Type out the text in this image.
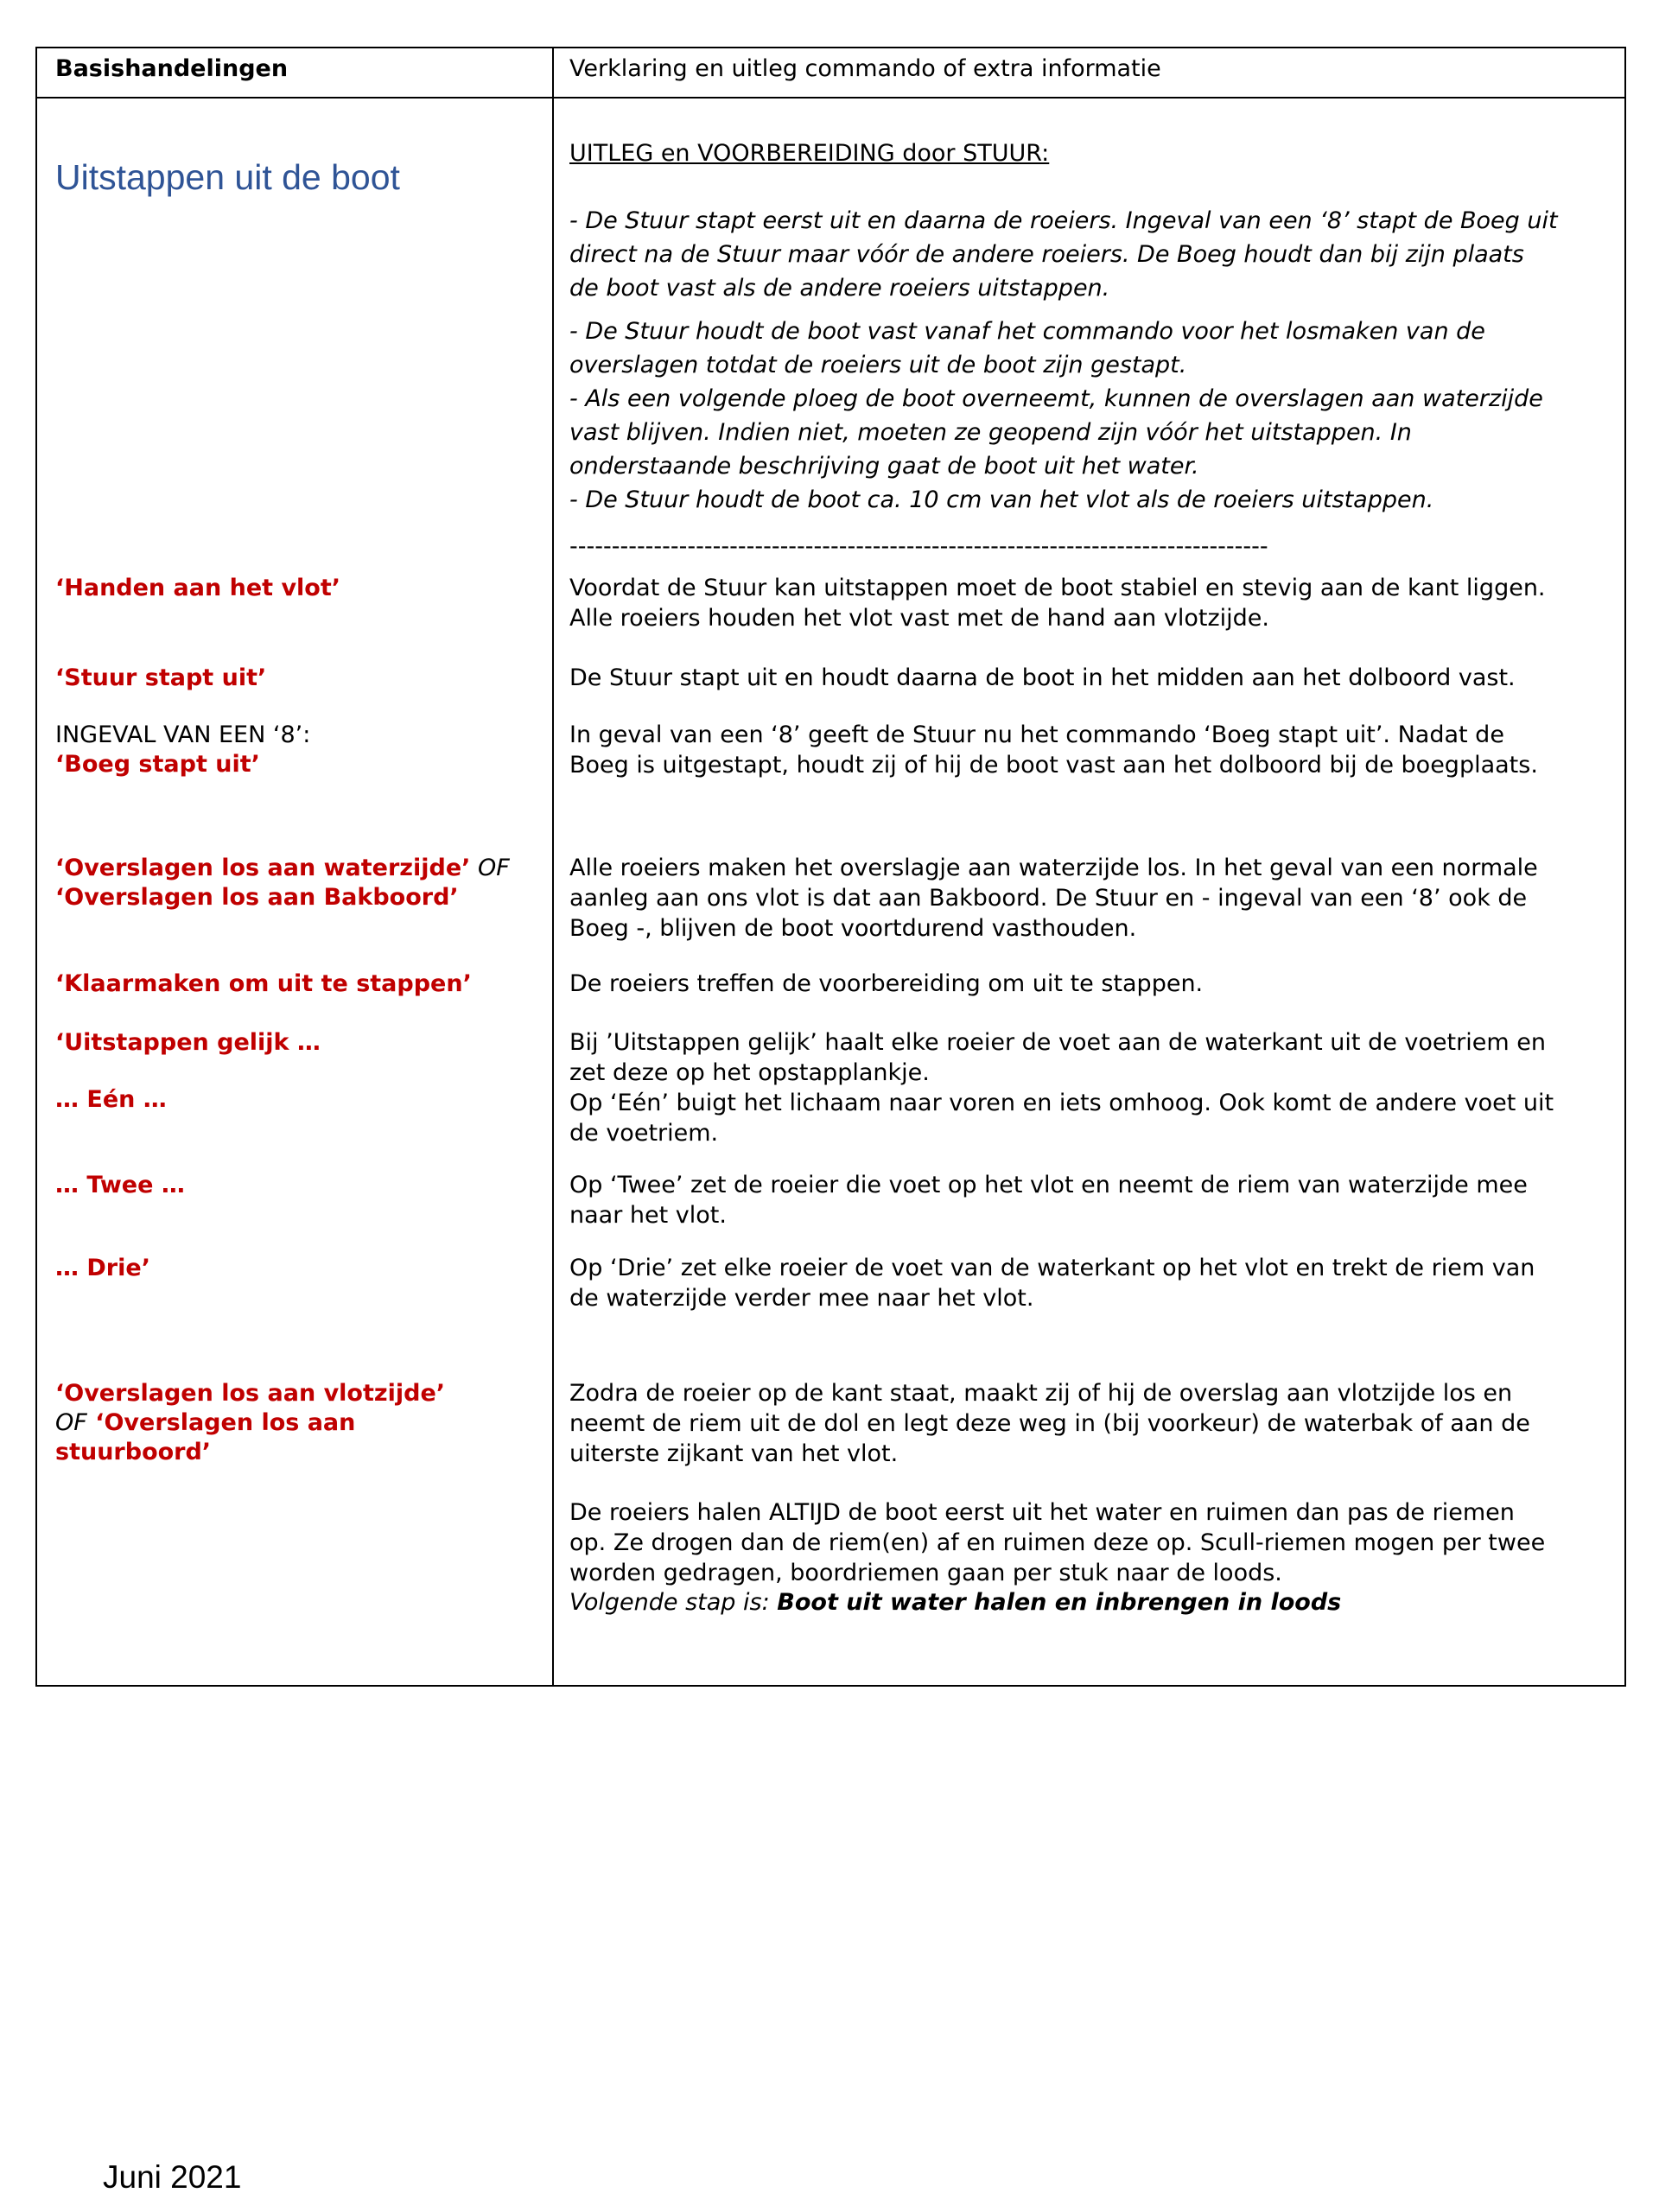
Basishandelingen	Verklaring en uitleg commando of extra informatie
Uitstappen uit de boot
‘Handen aan het vlot’
‘Stuur stapt uit’
INGEVAL VAN EEN ‘8’:
‘Boeg stapt uit’
‘Overslagen los aan waterzijde’ OF
‘Overslagen los aan Bakboord’
‘Klaarmaken om uit te stappen’
‘Uitstappen gelijk …
… Eén …
… Twee …
… Drie’
‘Overslagen los aan vlotzijde’
OF ‘Overslagen los aan
stuurboord’
UITLEG en VOORBEREIDING door STUUR:

- De Stuur stapt eerst uit en daarna de roeiers. Ingeval van een ‘8’ stapt de Boeg uit

direct na de Stuur maar vóór de andere roeiers. De Boeg houdt dan bij zijn plaats

de boot vast als de andere roeiers uitstappen.

- De Stuur houdt de boot vast vanaf het commando voor het losmaken van de

overslagen totdat de roeiers uit de boot zijn gestapt.

- Als een volgende ploeg de boot overneemt, kunnen de overslagen aan waterzijde

vast blijven. Indien niet, moeten ze geopend zijn vóór het uitstappen. In

onderstaande beschrijving gaat de boot uit het water.

- De Stuur houdt de boot ca. 10 cm van het vlot als de roeiers uitstappen.

-----------------------------------------------------------------------------------

Voordat de Stuur kan uitstappen moet de boot stabiel en stevig aan de kant liggen.

Alle roeiers houden het vlot vast met de hand aan vlotzijde.

De Stuur stapt uit en houdt daarna de boot in het midden aan het dolboord vast.

In geval van een ‘8’ geeft de Stuur nu het commando ‘Boeg stapt uit’. Nadat de

Boeg is uitgestapt, houdt zij of hij de boot vast aan het dolboord bij de boegplaats.

Alle roeiers maken het overslagje aan waterzijde los. In het geval van een normale

aanleg aan ons vlot is dat aan Bakboord. De Stuur en - ingeval van een ‘8’ ook de

Boeg -, blijven de boot voortdurend vasthouden.

De roeiers treffen de voorbereiding om uit te stappen.

Bij ’Uitstappen gelijk’ haalt elke roeier de voet aan de waterkant uit de voetriem en

zet deze op het opstapplankje.

Op ‘Eén’ buigt het lichaam naar voren en iets omhoog. Ook komt de andere voet uit

de voetriem.

Op ‘Twee’ zet de roeier die voet op het vlot en neemt de riem van waterzijde mee

naar het vlot.

Op ‘Drie’ zet elke roeier de voet van de waterkant op het vlot en trekt de riem van

de waterzijde verder mee naar het vlot.

Zodra de roeier op de kant staat, maakt zij of hij de overslag aan vlotzijde los en

neemt de riem uit de dol en legt deze weg in (bij voorkeur) de waterbak of aan de

uiterste zijkant van het vlot.

De roeiers halen ALTIJD de boot eerst uit het water en ruimen dan pas de riemen

op. Ze drogen dan de riem(en) af en ruimen deze op. Scull-riemen mogen per twee

worden gedragen, boordriemen gaan per stuk naar de loods.

Volgende stap is: Boot uit water halen en inbrengen in loods
Juni 2021
